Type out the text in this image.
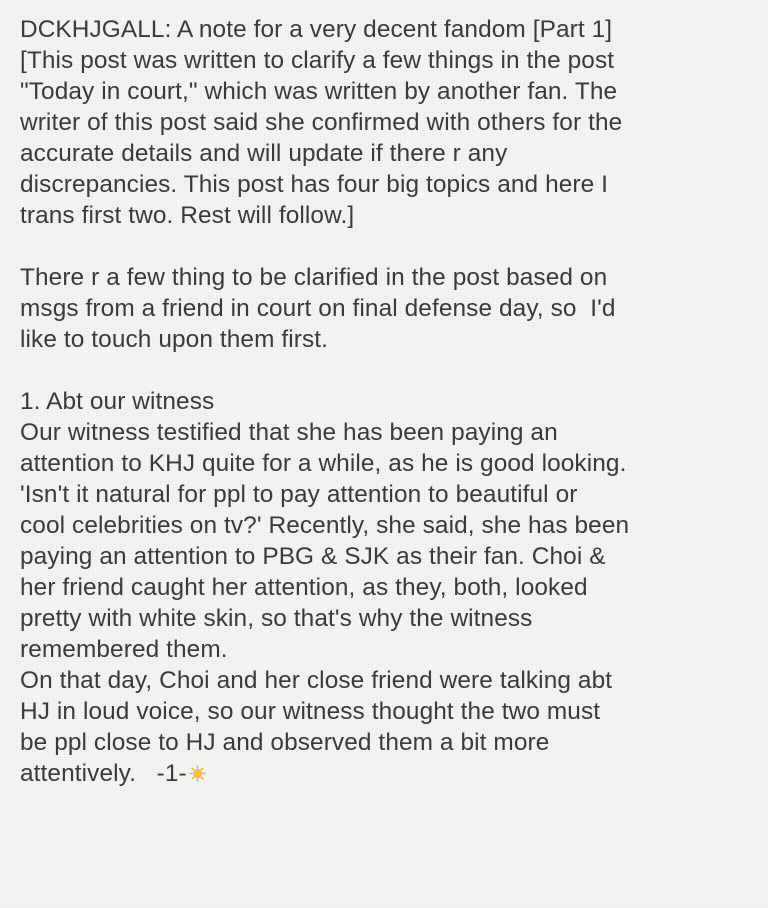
DCKHJGALL: A note for a very decent fandom [Part 1]
[This post was written to clarify a few things in the post
"Today in court," which was written by another fan. The
writer of this post said she confirmed with others for the
accurate details and will update if there r any
discrepancies. This post has four big topics and here I
trans first two. Rest will follow.]
There r a few thing to be clarified in the post based on
msgs from a friend in court on final defense day, so  I'd
like to touch upon them first.
1. Abt our witness
Our witness testified that she has been paying an
attention to KHJ quite for a while, as he is good looking.
'Isn't it natural for ppl to pay attention to beautiful or
cool celebrities on tv?' Recently, she said, she has been
paying an attention to PBG & SJK as their fan. Choi &
her friend caught her attention, as they, both, looked
pretty with white skin, so that's why the witness
remembered them.
On that day, Choi and her close friend were talking abt
HJ in loud voice, so our witness thought the two must
be ppl close to HJ and observed them a bit more
attentively.   -1-
